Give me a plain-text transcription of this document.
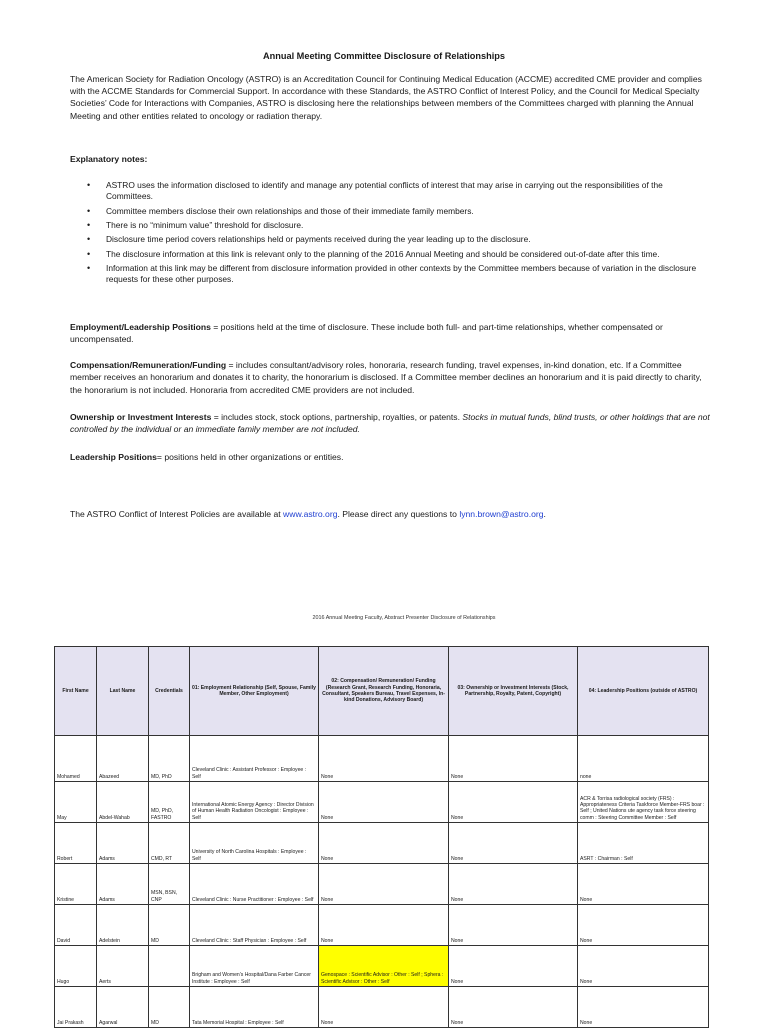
Annual Meeting Committee Disclosure of Relationships

The American Society for Radiation Oncology (ASTRO) is an Accreditation Council for Continuing Medical Education (ACCME) accredited CME provider and complies with the ACCME Standards for Commercial Support. In accordance with these Standards, the ASTRO Conflict of Interest Policy, and the Council for Medical Specialty Societies’ Code for Interactions with Companies, ASTRO is disclosing here the relationships between members of the Committees charged with planning the Annual Meeting and other entities related to oncology or radiation therapy.

Explanatory notes:

• ASTRO uses the information disclosed to identify and manage any potential conflicts of interest that may arise in carrying out the responsibilities of the Committees.
• Committee members disclose their own relationships and those of their immediate family members.
• There is no “minimum value” threshold for disclosure.
• Disclosure time period covers relationships held or payments received during the year leading up to the disclosure.
• The disclosure information at this link is relevant only to the planning of the 2016 Annual Meeting and should be considered out-of-date after this time.
• Information at this link may be different from disclosure information provided in other contexts by the Committee members because of variation in the disclosure requests for these other purposes.

Employment/Leadership Positions = positions held at the time of disclosure. These include both full- and part-time relationships, whether compensated or uncompensated.

Compensation/Remuneration/Funding = includes consultant/advisory roles, honoraria, research funding, travel expenses, in-kind donation, etc. If a Committee member receives an honorarium and donates it to charity, the honorarium is disclosed. If a Committee member declines an honorarium and it is paid directly to charity, the honorarium is not included. Honoraria from accredited CME providers are not included.

Ownership or Investment Interests = includes stock, stock options, partnership, royalties, or patents. Stocks in mutual funds, blind trusts, or other holdings that are not controlled by the individual or an immediate family member are not included.

Leadership Positions= positions held in other organizations or entities.

The ASTRO Conflict of Interest Policies are available at www.astro.org. Please direct any questions to lynn.brown@astro.org.

2016 Annual Meeting Faculty, Abstract Presenter Disclosure of Relationships

First Name	Last Name	Credentials	01: Employment Relationship (Self, Spouse, Family Member, Other Employment)	02: Compensation/ Remuneration/ Funding (Research Grant, Research Funding, Honoraria, Consultant, Speakers Bureau, Travel Expenses, In-kind Donations, Advisory Board)	03: Ownership or Investment Interests (Stock, Partnership, Royalty, Patent, Copyright)	04: Leadership Positions (outside of ASTRO)
Mohamed	Abazeed	MD, PhD	Cleveland Clinic : Assistant Professor : Employee : Self	None	None	none
May	Abdel-Wahab	MD, PhD, FASTRO	International Atomic Energy Agency : Director Division of Human Health Radiation Oncologist : Employee : Self	None	None	ACR & Torrisa radiological society (FRS) : Appropriateness Criteria Taskforce Member-FRS boar : Self ; United Nations ute agency task force steering comm : Steering Committee Member : Self
Robert	Adams	CMD, RT	University of North Carolina Hospitals : Employee : Self	None	None	ASRT : Chairman : Self
Kristine	Adams	MSN, BSN, CNP	Cleveland Clinic : Nurse Practitioner : Employee : Self	None	None	None
David	Adelstein	MD	Cleveland Clinic : Staff Physician : Employee : Self	None	None	None
Hugo	Aerts		Brigham and Women's Hospital/Dana Farber Cancer Institute : Employee : Self	Genospace : Scientific Advisor : Other : Self ; Sphera : Scientific Advisor : Other : Self	None	None
Jai Prakash	Agarwal	MD	Tata Memorial Hospital : Employee : Self	None	None	None
